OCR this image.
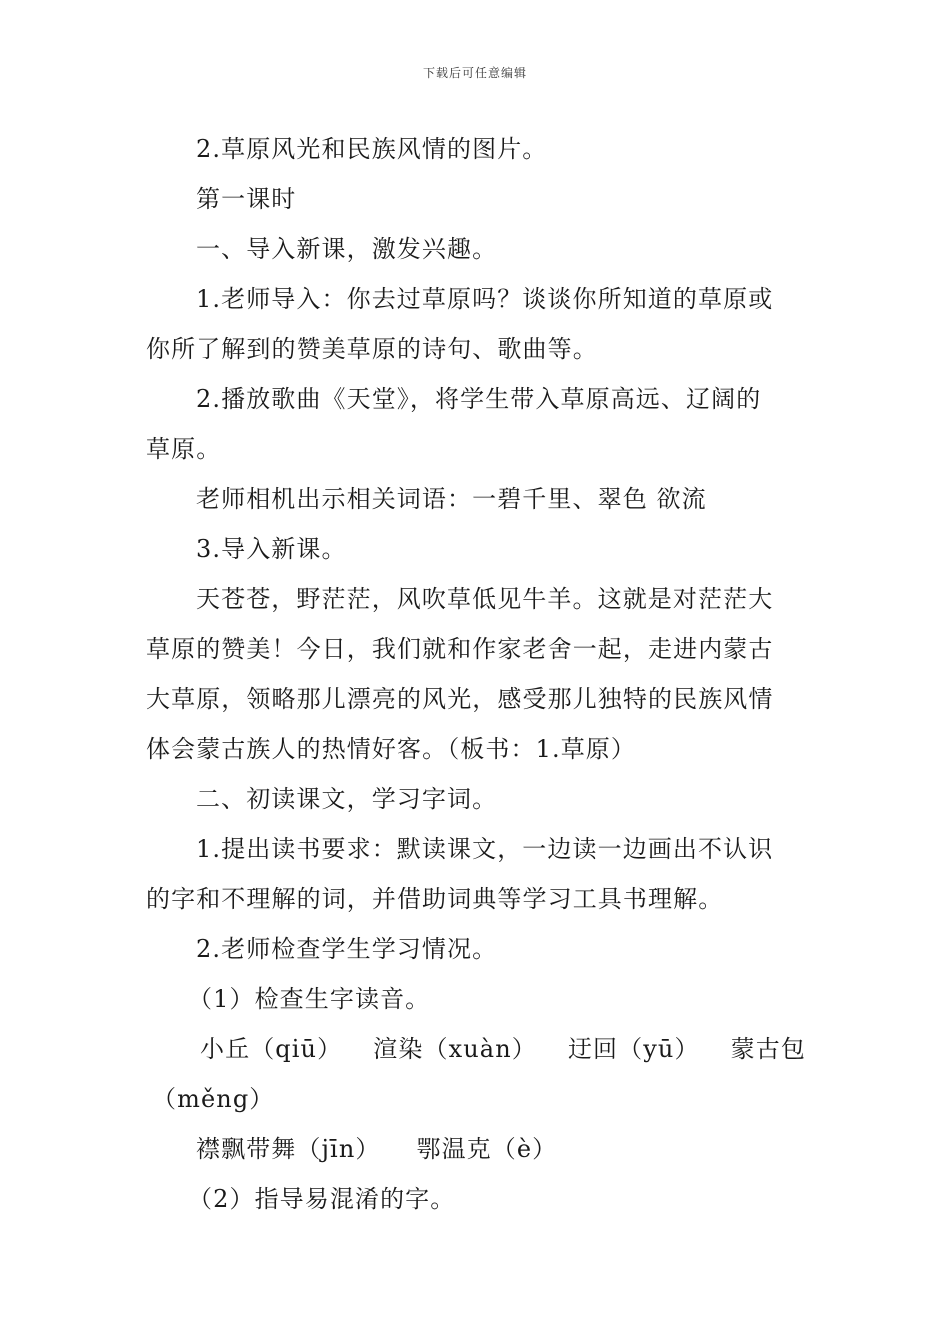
下载后可任意编辑
2.草原风光和民族风情的图片。
第一课时
一、导入新课，激发兴趣。
1.老师导入：你去过草原吗？谈谈你所知道的草原或
你所了解到的赞美草原的诗句、歌曲等。
2.播放歌曲《天堂》，将学生带入草原高远、辽阔的
草原。
老师相机出示相关词语：一碧千里、翠色 欲流
3.导入新课。
天苍苍，野茫茫，风吹草低见牛羊。这就是对茫茫大
草原的赞美！今日，我们就和作家老舍一起，走进内蒙古
大草原，领略那儿漂亮的风光，感受那儿独特的民族风情
体会蒙古族人的热情好客。（板书：1.草原）
二、初读课文，学习字词。
1.提出读书要求：默读课文，一边读一边画出不认识
的字和不理解的词，并借助词典等学习工具书理解。
2.老师检查学生学习情况。
（1）检查生字读音。
小丘（qiū） 渲染（xuàn） 迂回（yū） 蒙古包
（měng）
襟飘带舞（jīn） 鄂温克（è）
（2）指导易混淆的字。
